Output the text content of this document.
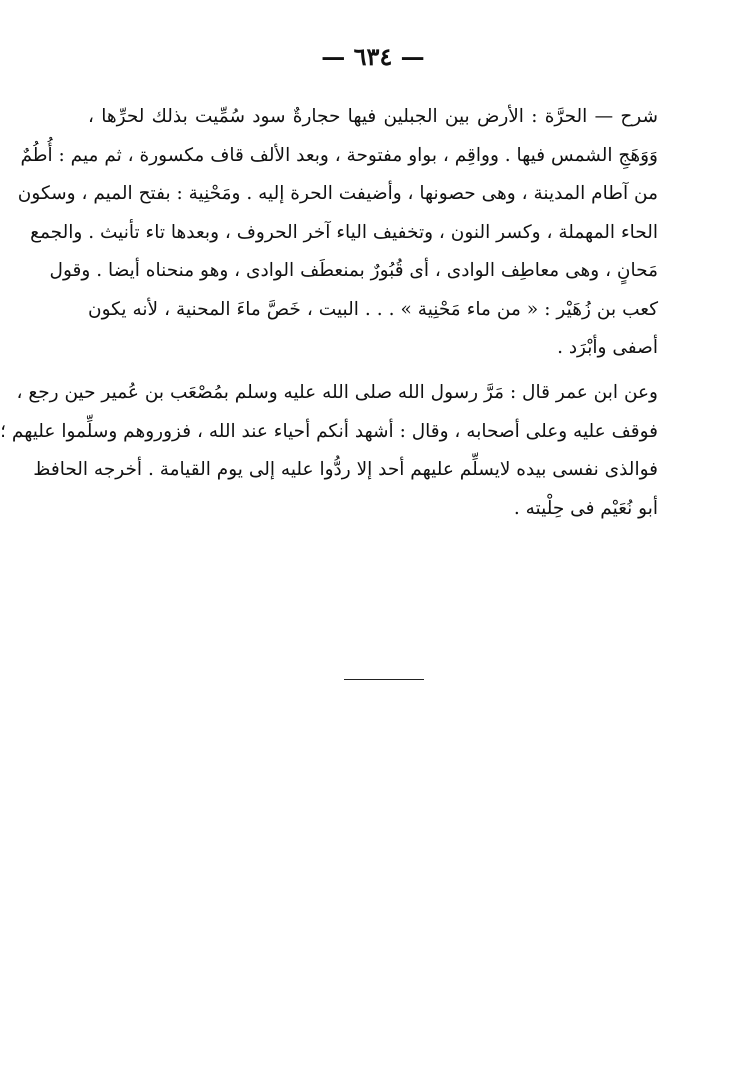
— ٦٣٤ —
شرح — الحرَّة : الأرض بين الجبلين فيها حجارةٌ سود سُمِّيت بذلك لحرِّها ،
وَوَهَجِ الشمس فيها . وواقِم ، بواو مفتوحة ، وبعد الألف قاف مكسورة ، ثم ميم : أُطُمٌ
من آطام المدينة ، وهى حصونها ، وأضيفت الحرة إليه . ومَحْنِية : بفتح الميم ، وسكون
الحاء المهملة ، وكسر النون ، وتخفيف الياء آخر الحروف ، وبعدها تاء تأنيث . والجمع
مَحانٍ ، وهى معاطِف الوادى ، أى قُبُورٌ بمنعطَف الوادى ، وهو منحناه أيضا . وقول
كعب بن زُهَيْر : « من ماء مَحْنِية » . . . البيت ، خَصَّ ماءَ المحنية ، لأنه يكون
أصفى وأبْرَد .
وعن ابن عمر قال : مَرَّ رسول الله صلى الله عليه وسلم بمُصْعَب بن عُمير حين رجع ،
فوقف عليه وعلى أصحابه ، وقال : أشهد أنكم أحياء عند الله ، فزوروهم وسلِّموا عليهم ؛
فوالذى نفسى بيده لايسلِّم عليهم أحد إلا ردُّوا عليه إلى يوم القيامة . أخرجه الحافظ
أبو نُعَيْم فى حِلْيته .
